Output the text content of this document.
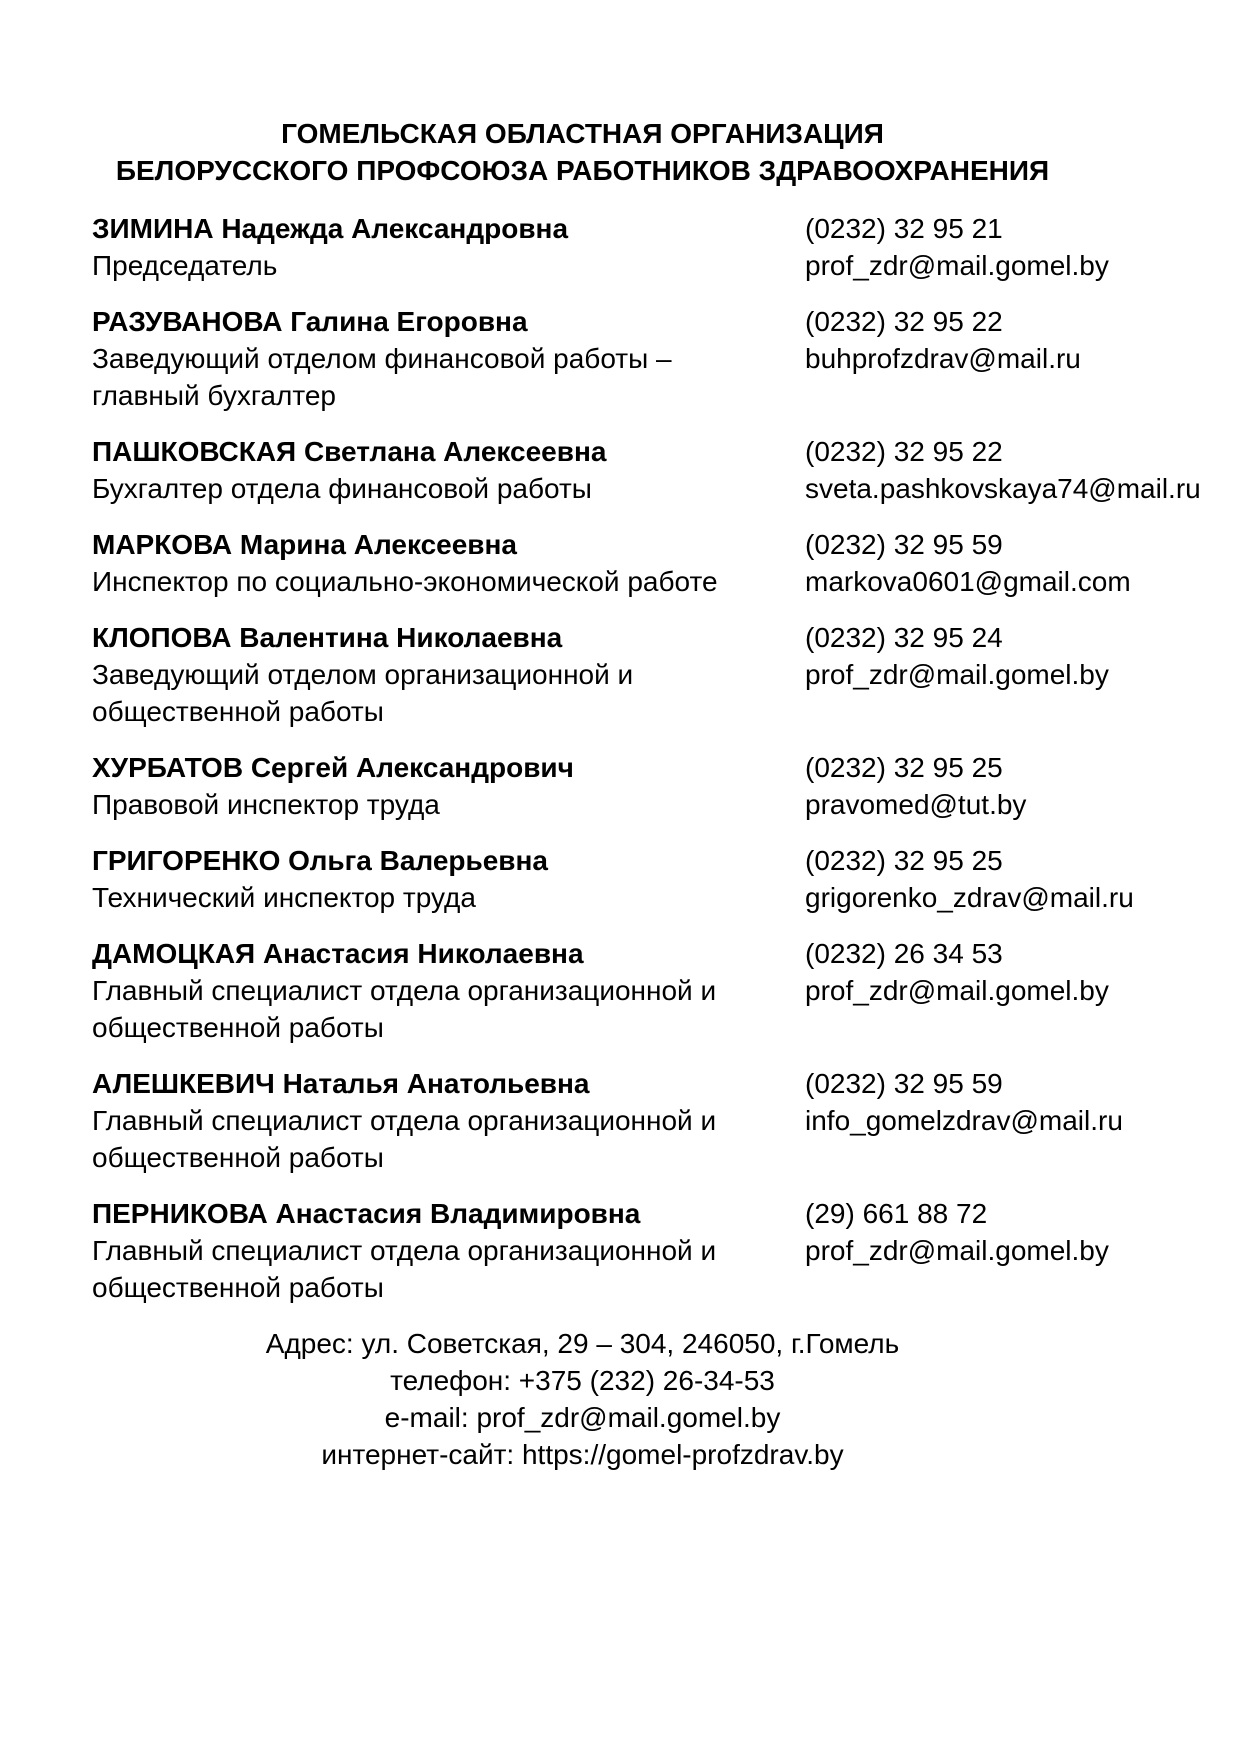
ГОМЕЛЬСКАЯ ОБЛАСТНАЯ ОРГАНИЗАЦИЯ
БЕЛОРУССКОГО ПРОФСОЮЗА РАБОТНИКОВ ЗДРАВООХРАНЕНИЯ
ЗИМИНА Надежда Александровна
Председатель
(0232) 32 95 21
prof_zdr@mail.gomel.by
РАЗУВАНОВА Галина Егоровна
Заведующий отделом финансовой работы –
главный бухгалтер
(0232) 32 95 22
buhprofzdrav@mail.ru
ПАШКОВСКАЯ Светлана Алексеевна
Бухгалтер отдела финансовой работы
(0232) 32 95 22
sveta.pashkovskaya74@mail.ru
МАРКОВА Марина Алексеевна
Инспектор по социально-экономической работе
(0232) 32 95 59
markova0601@gmail.com
КЛОПОВА Валентина Николаевна
Заведующий отделом организационной и
общественной работы
(0232) 32 95 24
prof_zdr@mail.gomel.by
ХУРБАТОВ Сергей Александрович
Правовой инспектор труда
(0232) 32 95 25
pravomed@tut.by
ГРИГОРЕНКО Ольга Валерьевна
Технический инспектор труда
(0232) 32 95 25
grigorenko_zdrav@mail.ru
ДАМОЦКАЯ Анастасия Николаевна
Главный специалист отдела организационной и
общественной работы
(0232) 26 34 53
prof_zdr@mail.gomel.by
АЛЕШКЕВИЧ Наталья Анатольевна
Главный специалист отдела организационной и
общественной работы
(0232) 32 95 59
info_gomelzdrav@mail.ru
ПЕРНИКОВА Анастасия Владимировна
Главный специалист отдела организационной и
общественной работы
(29) 661 88 72
prof_zdr@mail.gomel.by
Адрес: ул. Советская, 29 – 304, 246050, г.Гомель
телефон: +375 (232) 26-34-53
e-mail: prof_zdr@mail.gomel.by
интернет-сайт: https://gomel-profzdrav.by
